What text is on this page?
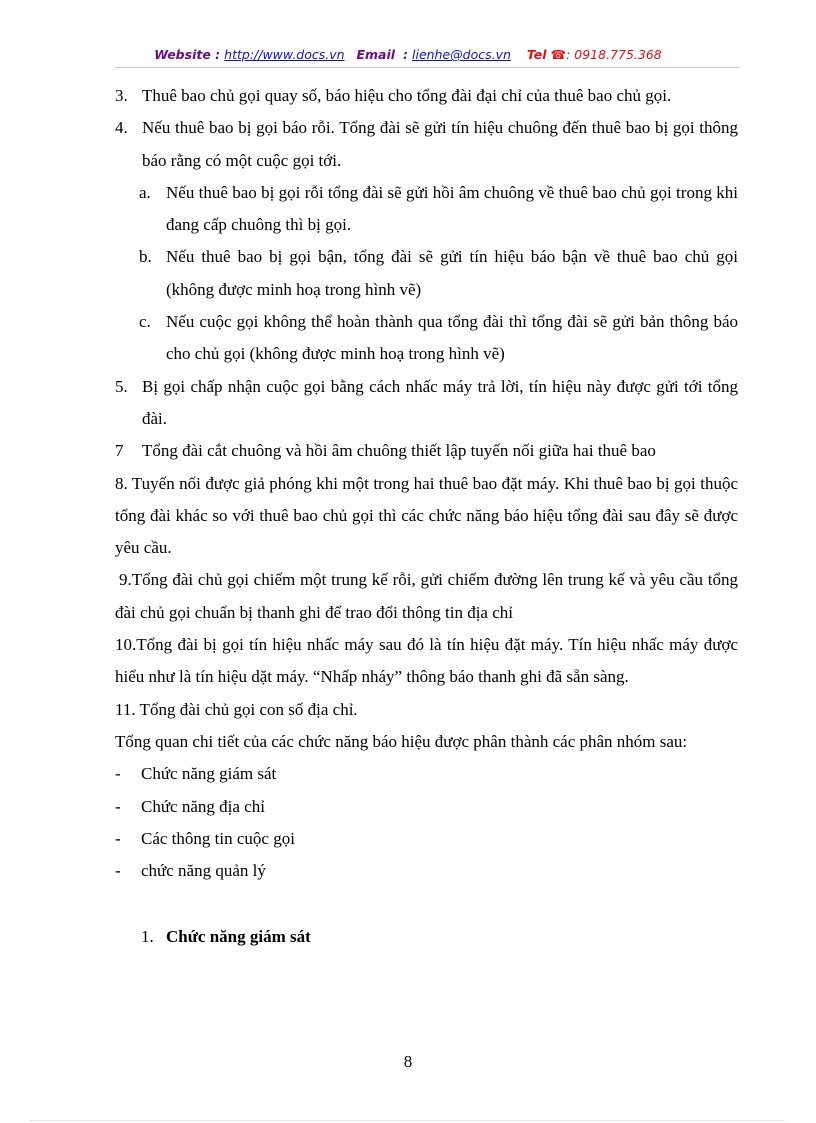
Website : http://www.docs.vn Email : lienhe@docs.vn Tel ☎: 0918.775.368

3. Thuê bao chủ gọi quay số, báo hiệu cho tổng đài đại chỉ của thuê bao chủ gọi.

4. Nếu thuê bao bị gọi báo rỗi. Tổng đài sẽ gửi tín hiệu chuông đến thuê bao bị gọi thông báo rằng có một cuộc gọi tới.

a. Nếu thuê bao bị gọi rỗi tổng đài sẽ gửi hồi âm chuông về thuê bao chủ gọi trong khi đang cấp chuông thì bị gọi.

b. Nếu thuê bao bị gọi bận, tổng đài sẽ gửi tín hiệu báo bận về thuê bao chủ gọi (không được minh hoạ trong hình vẽ)

c. Nếu cuộc gọi không thể hoàn thành qua tổng đài thì tổng đài sẽ gửi bản thông báo cho chủ gọi (không được minh hoạ trong hình vẽ)

5. Bị gọi chấp nhận cuộc gọi bằng cách nhấc máy trả lời, tín hiệu này được gửi tới tổng đài.

7 Tổng đài cắt chuông và hồi âm chuông thiết lập tuyến nối giữa hai thuê bao

8. Tuyến nối được giả phóng khi một trong hai thuê bao đặt máy. Khi thuê bao bị gọi thuộc tổng đài khác so với thuê bao chủ gọi thì các chức năng báo hiệu tổng đài sau đây sẽ được yêu cầu.

9.Tổng đài chủ gọi chiếm một trung kế rỗi, gửi chiếm đường lên trung kế và yêu cầu tổng đài chủ gọi chuẩn bị thanh ghi để trao đổi thông tin địa chỉ

10.Tổng đài bị gọi tín hiệu nhấc máy sau đó là tín hiệu đặt máy. Tín hiệu nhấc máy được hiểu như là tín hiệu dặt máy. “Nhấp nháy” thông báo thanh ghi đã sẵn sàng.

11. Tổng đài chủ gọi con số địa chỉ.

Tổng quan chi tiết của các chức năng báo hiệu được phân thành các phân nhóm sau:

- Chức năng giám sát

- Chức năng địa chỉ

- Các thông tin cuộc gọi

- chức năng quản lý

1. Chức năng giám sát

8
